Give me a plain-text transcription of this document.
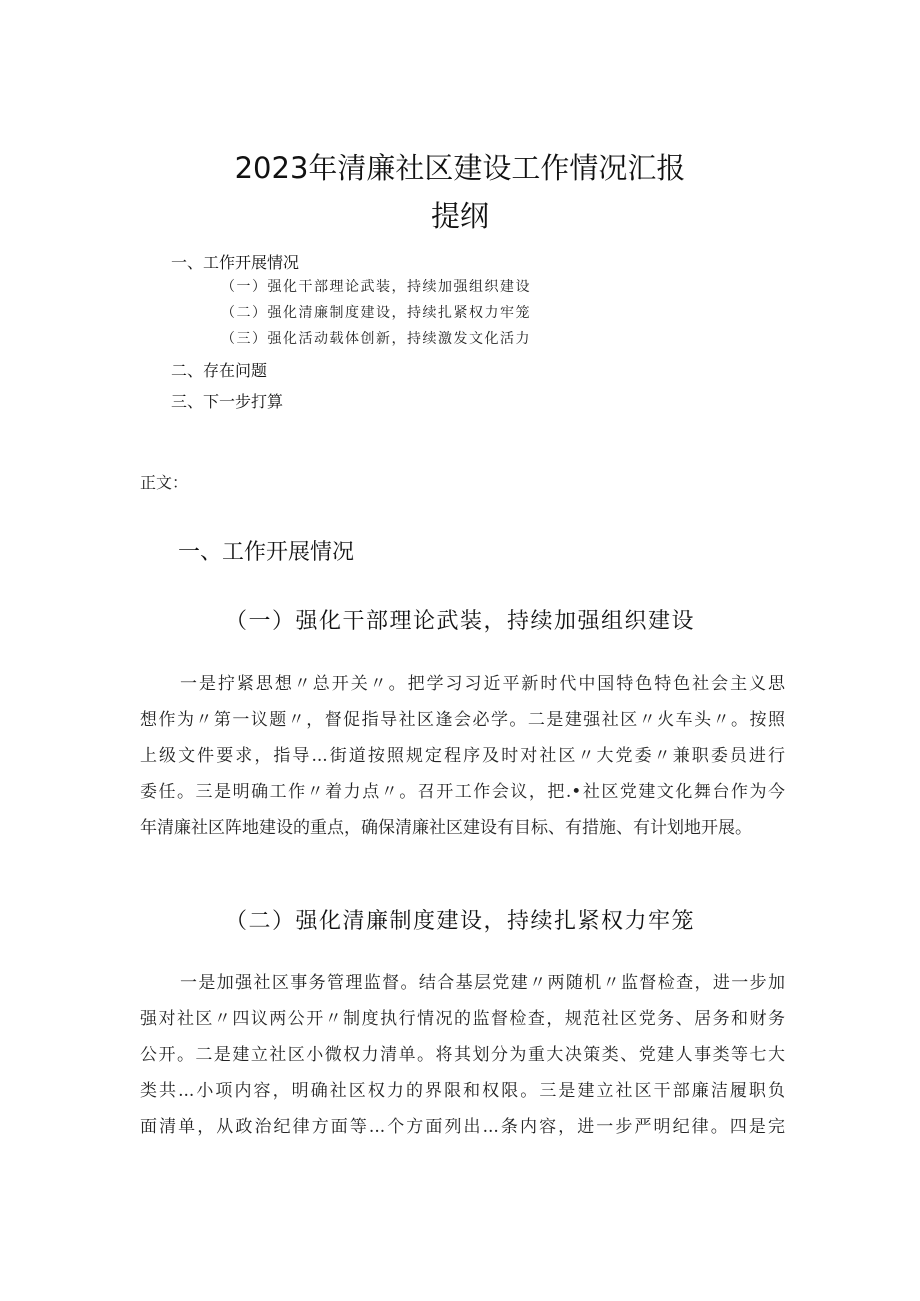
2023年清廉社区建设工作情况汇报
提纲
一、工作开展情况
（一）强化干部理论武装，持续加强组织建设
（二）强化清廉制度建设，持续扎紧权力牢笼
（三）强化活动载体创新，持续激发文化活力
二、存在问题
三、下一步打算
正文：
一、工作开展情况
（一）强化干部理论武装，持续加强组织建设
一是拧紧思想〃总开关〃。把学习习近平新时代中国特色特色社会主义思
想作为〃第一议题〃，督促指导社区逢会必学。二是建强社区〃火车头〃。按照
上级文件要求，指导...街道按照规定程序及时对社区〃大党委〃兼职委员进行
委任。三是明确工作〃着力点〃。召开工作会议，把.•社区党建文化舞台作为今
年清廉社区阵地建设的重点，确保清廉社区建设有目标、有措施、有计划地开展。
（二）强化清廉制度建设，持续扎紧权力牢笼
一是加强社区事务管理监督。结合基层党建〃两随机〃监督检查，进一步加
强对社区〃四议两公开〃制度执行情况的监督检查，规范社区党务、居务和财务
公开。二是建立社区小微权力清单。将其划分为重大决策类、党建人事类等七大
类共...小项内容，明确社区权力的界限和权限。三是建立社区干部廉洁履职负
面清单，从政治纪律方面等...个方面列出...条内容，进一步严明纪律。四是完
